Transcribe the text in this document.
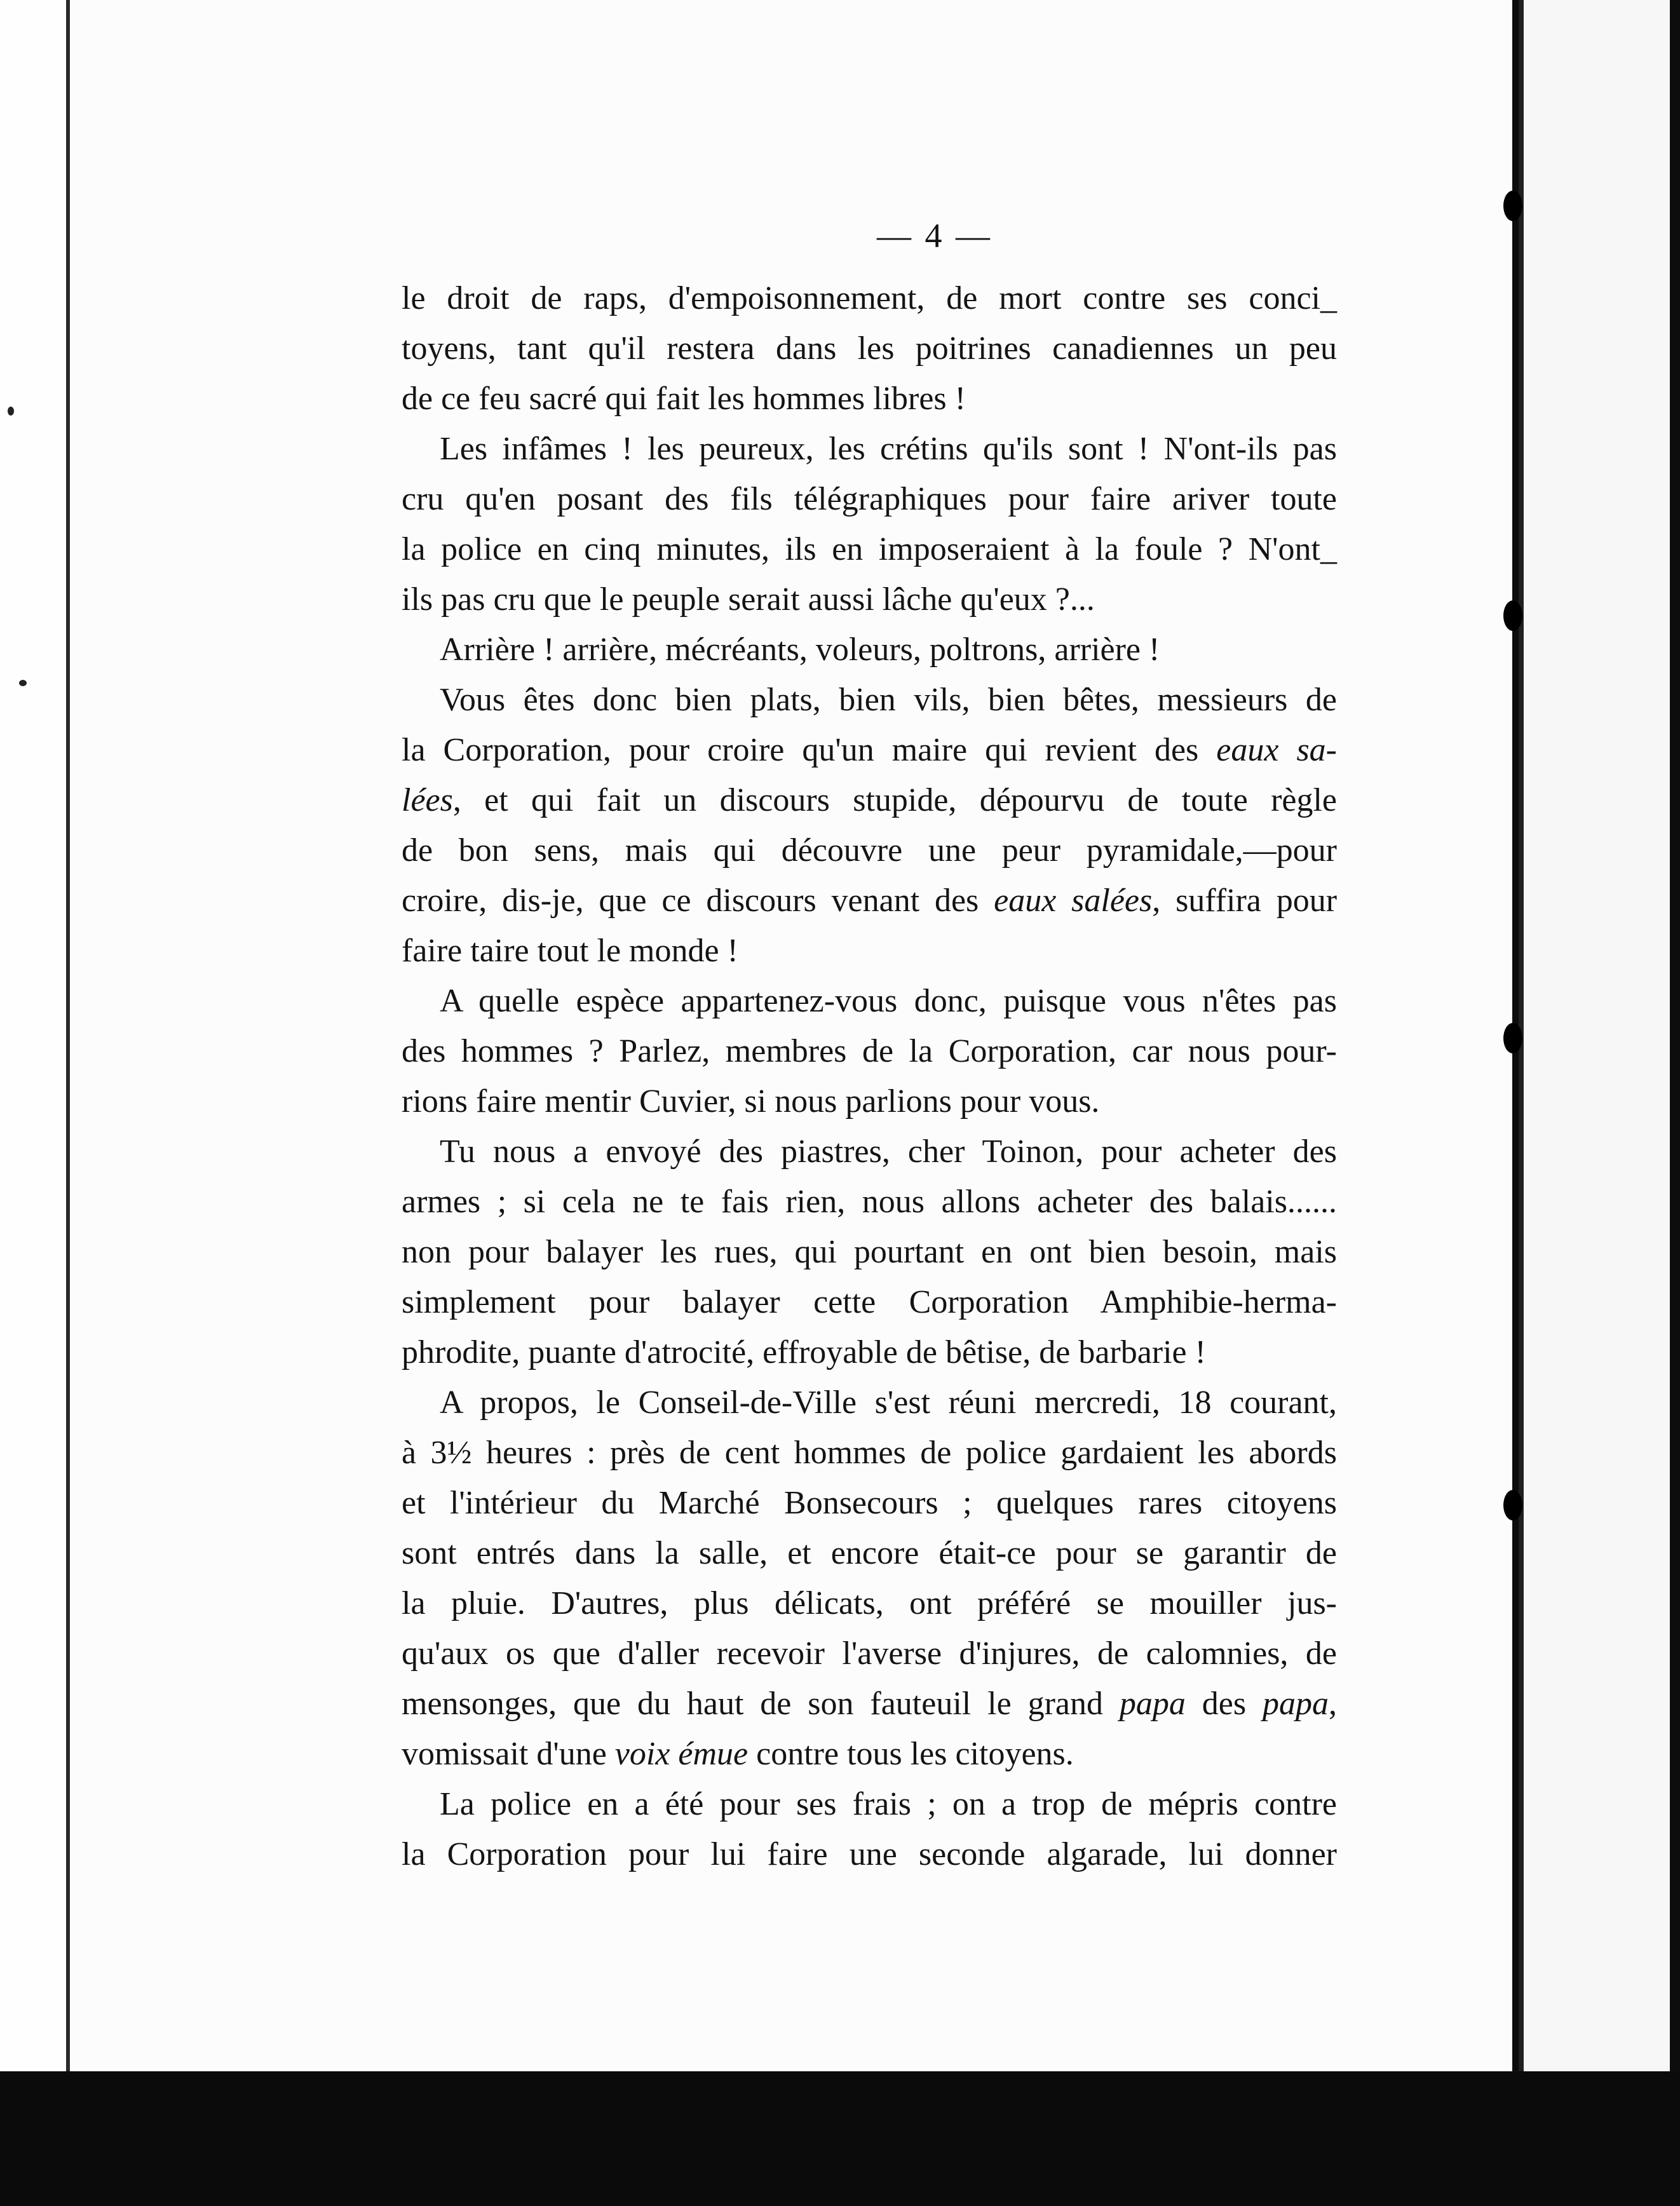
— 4 —
le droit de raps, d'empoisonnement, de mort contre ses conci_
toyens, tant qu'il restera dans les poitrines canadiennes un peu
de ce feu sacré qui fait les hommes libres !
Les infâmes ! les peureux, les crétins qu'ils sont ! N'ont-ils pas
cru qu'en posant des fils télégraphiques pour faire ariver toute
la police en cinq minutes, ils en imposeraient à la foule ? N'ont_
ils pas cru que le peuple serait aussi lâche qu'eux ?...
Arrière ! arrière, mécréants, voleurs, poltrons, arrière !
Vous êtes donc bien plats, bien vils, bien bêtes, messieurs de
la Corporation, pour croire qu'un maire qui revient des eaux sa-
lées, et qui fait un discours stupide, dépourvu de toute règle
de bon sens, mais qui découvre une peur pyramidale,—pour
croire, dis-je, que ce discours venant des eaux salées, suffira pour
faire taire tout le monde !
A quelle espèce appartenez-vous donc, puisque vous n'êtes pas
des hommes ? Parlez, membres de la Corporation, car nous pour-
rions faire mentir Cuvier, si nous parlions pour vous.
Tu nous a envoyé des piastres, cher Toinon, pour acheter des
armes ; si cela ne te fais rien, nous allons acheter des balais......
non pour balayer les rues, qui pourtant en ont bien besoin, mais
simplement pour balayer cette Corporation Amphibie-herma-
phrodite, puante d'atrocité, effroyable de bêtise, de barbarie !
A propos, le Conseil-de-Ville s'est réuni mercredi, 18 courant,
à 3½ heures : près de cent hommes de police gardaient les abords
et l'intérieur du Marché Bonsecours ; quelques rares citoyens
sont entrés dans la salle, et encore était-ce pour se garantir de
la pluie. D'autres, plus délicats, ont préféré se mouiller jus-
qu'aux os que d'aller recevoir l'averse d'injures, de calomnies, de
mensonges, que du haut de son fauteuil le grand papa des papa,
vomissait d'une voix émue contre tous les citoyens.
La police en a été pour ses frais ; on a trop de mépris contre
la Corporation pour lui faire une seconde algarade, lui donner
